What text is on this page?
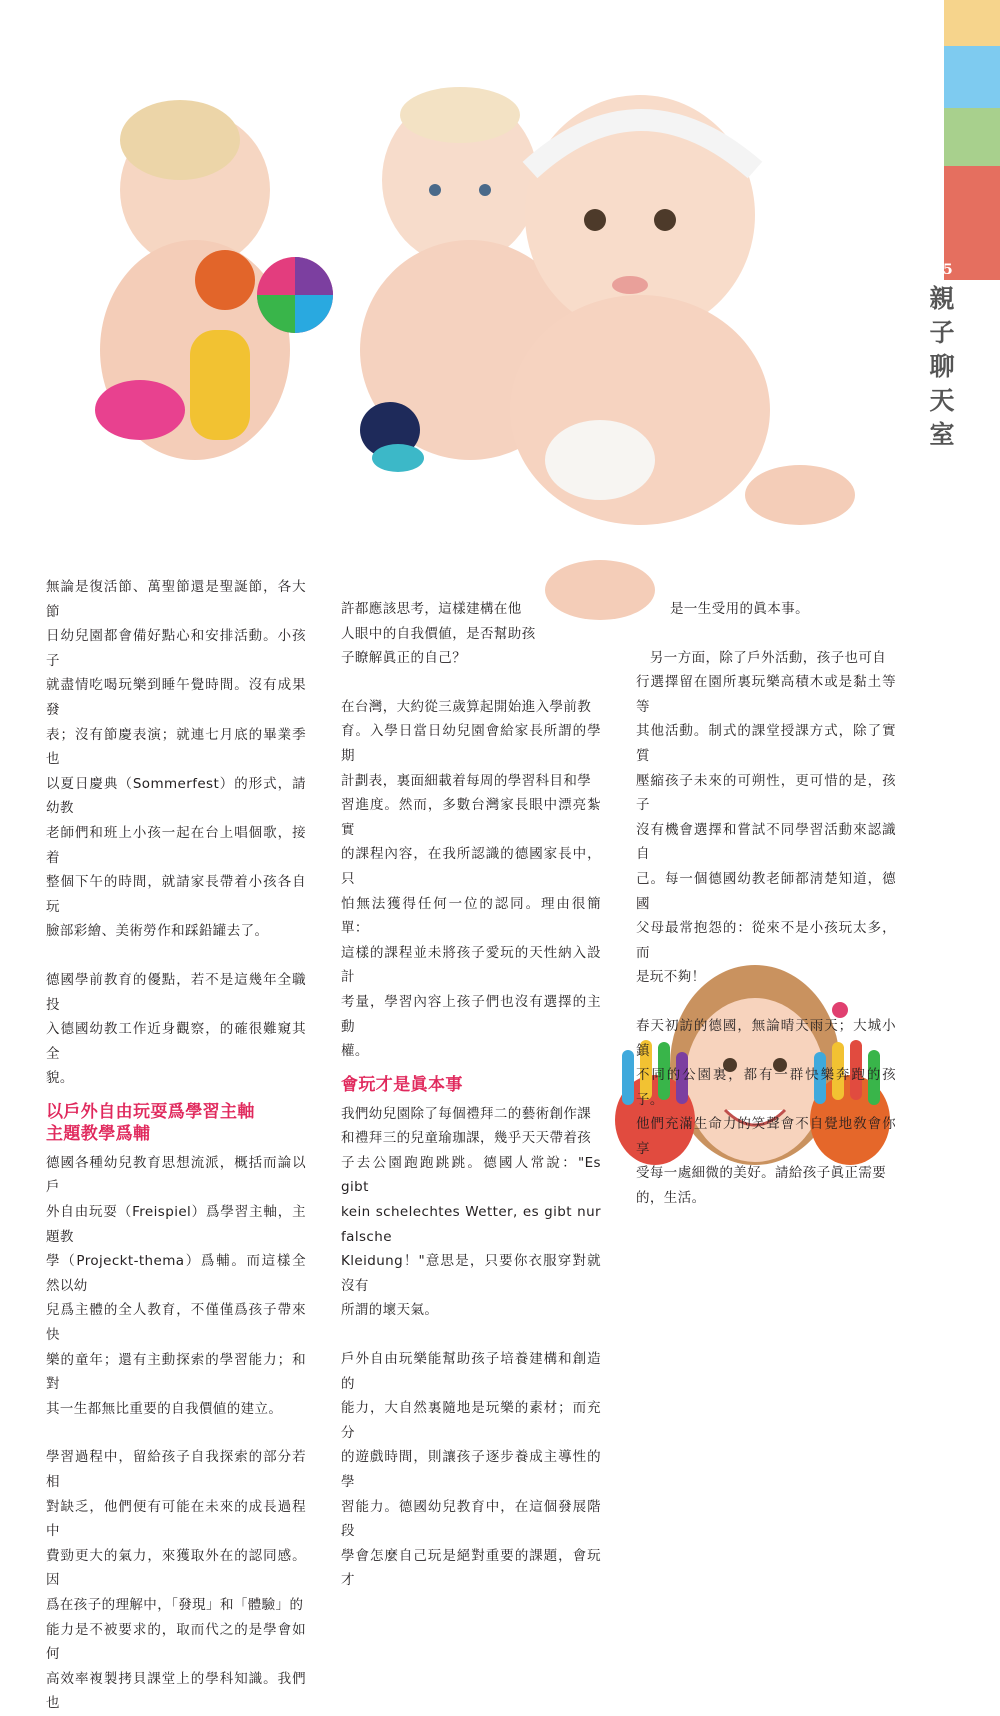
35
親子聊天室

無論是復活節、萬聖節還是聖誕節，各大節
日幼兒園都會備好點心和安排活動。小孩子
就盡情吃喝玩樂到睡午覺時間。沒有成果發
表；沒有節慶表演；就連七月底的畢業季也
以夏日慶典（Sommerfest）的形式，請幼教
老師們和班上小孩一起在台上唱個歌，接着
整個下午的時間，就請家長帶着小孩各自玩
臉部彩繪、美術勞作和踩鉛罐去了。

德國學前教育的優點，若不是這幾年全職投
入德國幼教工作近身觀察，的確很難窺其全
貌。

以戶外自由玩耍爲學習主軸
主題教學爲輔

德國各種幼兒教育思想流派，概括而論以戶
外自由玩耍（Freispiel）爲學習主軸，主題教
學（Projeckt-thema）爲輔。而這樣全然以幼
兒爲主體的全人教育，不僅僅爲孩子帶來快
樂的童年；還有主動探索的學習能力；和對
其一生都無比重要的自我價値的建立。

學習過程中，留給孩子自我探索的部分若相
對缺乏，他們便有可能在未來的成長過程中
費勁更大的氣力，來獲取外在的認同感。因
爲在孩子的理解中，「發現」和「體驗」的
能力是不被要求的，取而代之的是學會如何
高效率複製拷貝課堂上的學科知識。我們也

許都應該思考，這樣建構在他
人眼中的自我價値，是否幫助孩
子瞭解眞正的自己？

在台灣，大約從三歲算起開始進入學前教
育。入學日當日幼兒園會給家長所謂的學期
計劃表，裏面細載着每周的學習科目和學
習進度。然而，多數台灣家長眼中漂亮紮實
的課程內容，在我所認識的德國家長中，只
怕無法獲得任何一位的認同。理由很簡單：
這樣的課程並未將孩子愛玩的天性納入設計
考量，學習內容上孩子們也沒有選擇的主動
權。

會玩才是眞本事

我們幼兒園除了每個禮拜二的藝術創作課
和禮拜三的兒童瑜珈課，幾乎天天帶着孩
子去公園跑跑跳跳。德國人常說："Es gibt
kein schelechtes Wetter, es gibt nur falsche
Kleidung！"意思是，只要你衣服穿對就沒有
所謂的壞天氣。

戶外自由玩樂能幫助孩子培養建構和創造的
能力，大自然裏隨地是玩樂的素材；而充分
的遊戲時間，則讓孩子逐步養成主導性的學
習能力。德國幼兒教育中，在這個發展階段
學會怎麼自己玩是絕對重要的課題，會玩才

是一生受用的眞本事。

　另一方面，除了戶外活動，孩子也可自
行選擇留在園所裏玩樂高積木或是黏土等等
其他活動。制式的課堂授課方式，除了實質
壓縮孩子未來的可朔性，更可惜的是，孩子
沒有機會選擇和嘗試不同學習活動來認識自
己。每一個德國幼教老師都淸楚知道，德國
父母最常抱怨的：從來不是小孩玩太多，而
是玩不夠！

春天初訪的德國，無論晴天雨天；大城小鎮
不同的公園裏，都有一群快樂奔跑的孩子。
他們充滿生命力的笑聲會不自覺地敎會你享
受每一處細微的美好。請給孩子眞正需要
的，生活。
